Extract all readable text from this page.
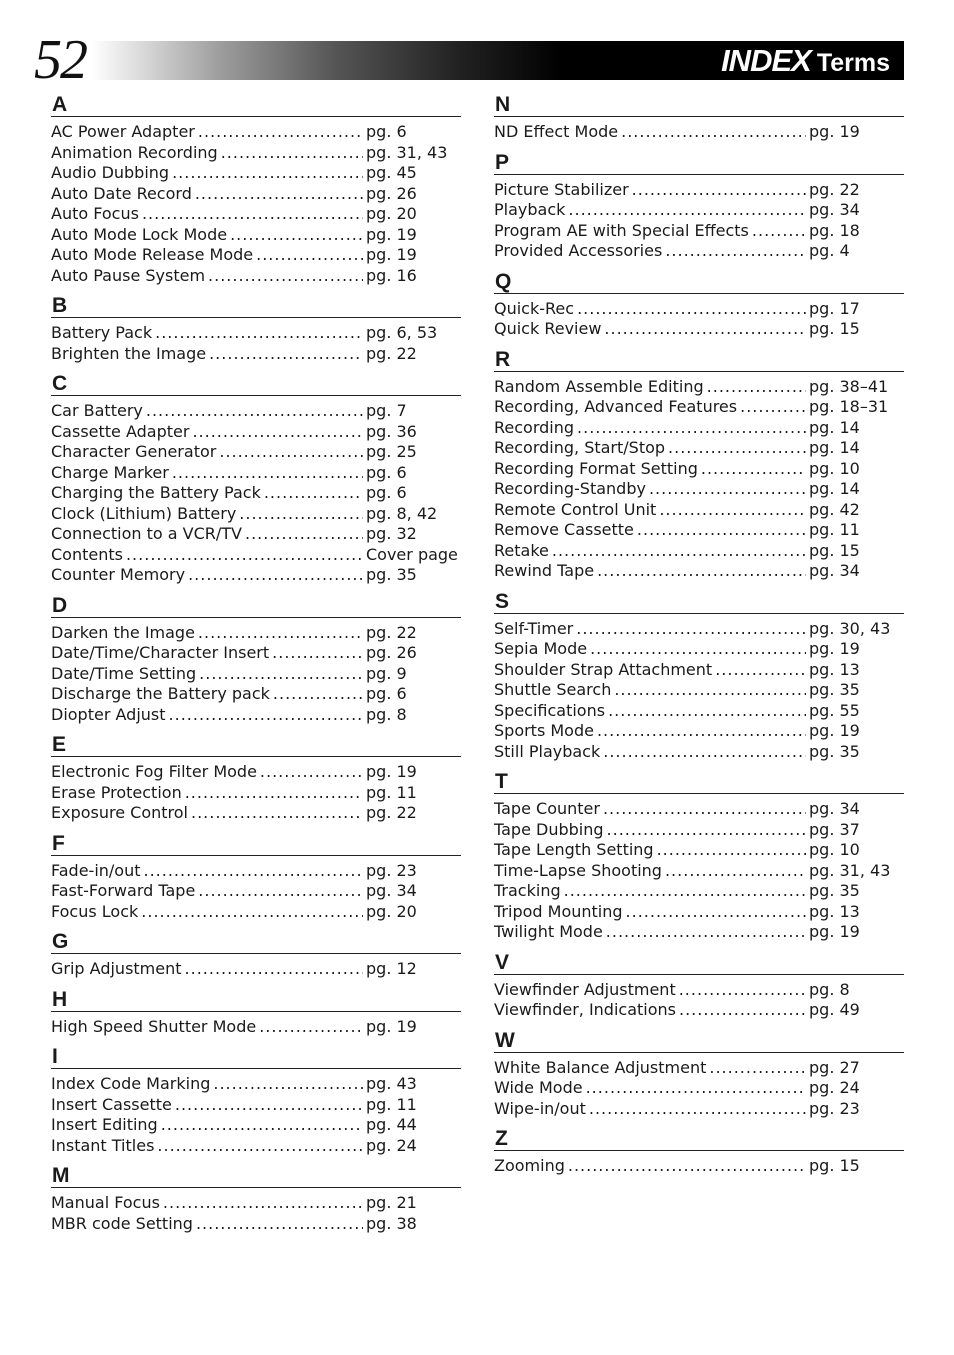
52	INDEX Terms
A
AC Power Adapter .....	pg. 6
Animation Recording .....	pg. 31, 43
Audio Dubbing .....	pg. 45
Auto Date Record .....	pg. 26
Auto Focus .....	pg. 20
Auto Mode Lock Mode .....	pg. 19
Auto Mode Release Mode .....	pg. 19
Auto Pause System .....	pg. 16
B
Battery Pack .....	pg. 6, 53
Brighten the Image .....	pg. 22
C
Car Battery .....	pg. 7
Cassette Adapter .....	pg. 36
Character Generator .....	pg. 25
Charge Marker .....	pg. 6
Charging the Battery Pack .....	pg. 6
Clock (Lithium) Battery .....	pg. 8, 42
Connection to a VCR/TV .....	pg. 32
Contents .....	Cover page
Counter Memory .....	pg. 35
D
Darken the Image .....	pg. 22
Date/Time/Character Insert .....	pg. 26
Date/Time Setting .....	pg. 9
Discharge the Battery pack .....	pg. 6
Diopter Adjust .....	pg. 8
E
Electronic Fog Filter Mode .....	pg. 19
Erase Protection .....	pg. 11
Exposure Control .....	pg. 22
F
Fade-in/out .....	pg. 23
Fast-Forward Tape .....	pg. 34
Focus Lock .....	pg. 20
G
Grip Adjustment .....	pg. 12
H
High Speed Shutter Mode .....	pg. 19
I
Index Code Marking .....	pg. 43
Insert Cassette .....	pg. 11
Insert Editing .....	pg. 44
Instant Titles .....	pg. 24
M
Manual Focus .....	pg. 21
MBR code Setting .....	pg. 38
N
ND Effect Mode .....	pg. 19
P
Picture Stabilizer .....	pg. 22
Playback .....	pg. 34
Program AE with Special Effects .....	pg. 18
Provided Accessories .....	pg. 4
Q
Quick-Rec .....	pg. 17
Quick Review .....	pg. 15
R
Random Assemble Editing .....	pg. 38–41
Recording, Advanced Features .....	pg. 18–31
Recording .....	pg. 14
Recording, Start/Stop .....	pg. 14
Recording Format Setting .....	pg. 10
Recording-Standby .....	pg. 14
Remote Control Unit .....	pg. 42
Remove Cassette .....	pg. 11
Retake .....	pg. 15
Rewind Tape .....	pg. 34
S
Self-Timer .....	pg. 30, 43
Sepia Mode .....	pg. 19
Shoulder Strap Attachment .....	pg. 13
Shuttle Search .....	pg. 35
Specifications .....	pg. 55
Sports Mode .....	pg. 19
Still Playback .....	pg. 35
T
Tape Counter .....	pg. 34
Tape Dubbing .....	pg. 37
Tape Length Setting .....	pg. 10
Time-Lapse Shooting .....	pg. 31, 43
Tracking .....	pg. 35
Tripod Mounting .....	pg. 13
Twilight Mode .....	pg. 19
V
Viewfinder Adjustment .....	pg. 8
Viewfinder, Indications .....	pg. 49
W
White Balance Adjustment .....	pg. 27
Wide Mode .....	pg. 24
Wipe-in/out .....	pg. 23
Z
Zooming .....	pg. 15
